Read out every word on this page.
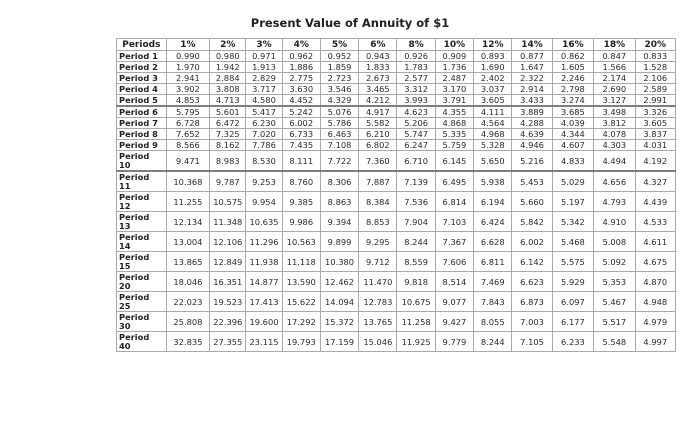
Present Value of Annuity of $1
Periods	1%	2%	3%	4%	5%	6%	8%	10%	12%	14%	16%	18%	20%
Period 1	0.990	0.980	0.971	0.962	0.952	0.943	0.926	0.909	0.893	0.877	0.862	0.847	0.833
Period 2	1.970	1.942	1.913	1.886	1.859	1.833	1.783	1.736	1.690	1.647	1.605	1.566	1.528
Period 3	2.941	2.884	2.829	2.775	2.723	2.673	2.577	2.487	2.402	2.322	2.246	2.174	2.106
Period 4	3.902	3.808	3.717	3.630	3.546	3.465	3.312	3.170	3.037	2.914	2.798	2.690	2.589
Period 5	4.853	4.713	4.580	4.452	4.329	4.212	3.993	3.791	3.605	3.433	3.274	3.127	2.991
Period 6	5.795	5.601	5.417	5.242	5.076	4.917	4.623	4.355	4.111	3.889	3.685	3.498	3.326
Period 7	6.728	6.472	6.230	6.002	5.786	5.582	5.206	4.868	4.564	4.288	4.039	3.812	3.605
Period 8	7.652	7.325	7.020	6.733	6.463	6.210	5.747	5.335	4.968	4.639	4.344	4.078	3.837
Period 9	8.566	8.162	7.786	7.435	7.108	6.802	6.247	5.759	5.328	4.946	4.607	4.303	4.031
Period 10	9.471	8.983	8.530	8.111	7.722	7.360	6.710	6.145	5.650	5.216	4.833	4.494	4.192
Period 11	10.368	9.787	9.253	8.760	8.306	7.887	7.139	6.495	5.938	5.453	5.029	4.656	4.327
Period 12	11.255	10.575	9.954	9.385	8.863	8.384	7.536	6.814	6.194	5.660	5.197	4.793	4.439
Period 13	12.134	11.348	10.635	9.986	9.394	8.853	7.904	7.103	6.424	5.842	5.342	4.910	4.533
Period 14	13.004	12.106	11.296	10.563	9.899	9.295	8.244	7.367	6.628	6.002	5.468	5.008	4.611
Period 15	13.865	12.849	11.938	11.118	10.380	9.712	8.559	7.606	6.811	6.142	5.575	5.092	4.675
Period 20	18.046	16.351	14.877	13.590	12.462	11.470	9.818	8.514	7.469	6.623	5.929	5.353	4.870
Period 25	22.023	19.523	17.413	15.622	14.094	12.783	10.675	9.077	7.843	6.873	6.097	5.467	4.948
Period 30	25.808	22.396	19.600	17.292	15.372	13.765	11.258	9.427	8.055	7.003	6.177	5.517	4.979
Period 40	32.835	27.355	23.115	19.793	17.159	15.046	11.925	9.779	8.244	7.105	6.233	5.548	4.997
